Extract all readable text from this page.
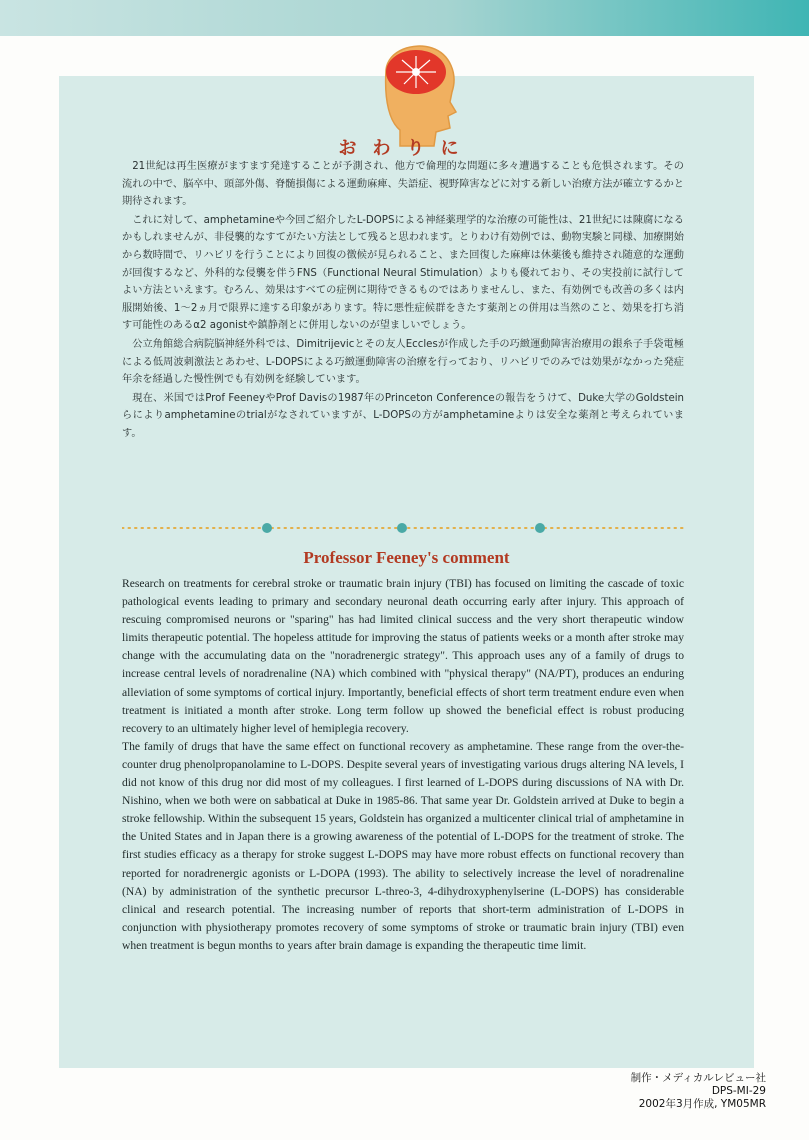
おわりに

21世紀は再生医療がますます発達することが予測され、他方で倫理的な問題に多々遭遇することも危惧されます。その流れの中で、脳卒中、頭部外傷、脊髄損傷による運動麻痺、失語症、視野障害などに対する新しい治療方法が確立するかと期待されます。

これに対して、amphetamineや今回ご紹介したL-DOPSによる神経薬理学的な治療の可能性は、21世紀には陳腐になるかもしれませんが、非侵襲的なすてがたい方法として残ると思われます。とりわけ有効例では、動物実験と同様、加療開始から数時間で、リハビリを行うことにより回復の徴候が見られること、また回復した麻痺は休薬後も維持され随意的な運動が回復するなど、外科的な侵襲を伴うFNS（Functional Neural Stimulation）よりも優れており、その実投前に試行してよい方法といえます。むろん、効果はすべての症例に期待できるものではありませんし、また、有効例でも改善の多くは内服開始後、1～2ヵ月で限界に達する印象があります。特に悪性症候群をきたす薬剤との併用は当然のこと、効果を打ち消す可能性のあるα2 agonistや鎮静剤とに併用しないのが望ましいでしょう。

公立角館総合病院脳神経外科では、Dimitrijevicとその友人Ecclesが作成した手の巧緻運動障害治療用の銀糸子手袋電極による低周波刺激法とあわせ、L-DOPSによる巧緻運動障害の治療を行っており、リハビリでのみでは効果がなかった発症年余を経過した慢性例でも有効例を経験しています。

現在、米国ではProf FeeneyやProf Davisの1987年のPrinceton Conferenceの報告をうけて、Duke大学のGoldsteinらによりamphetamineのtrialがなされていますが、L-DOPSの方がamphetamineよりは安全な薬剤と考えられています。

Professor Feeney's comment

Research on treatments for cerebral stroke or traumatic brain injury (TBI) has focused on limiting the cascade of toxic pathological events leading to primary and secondary neuronal death occurring early after injury. This approach of rescuing compromised neurons or "sparing" has had limited clinical success and the very short therapeutic window limits therapeutic potential. The hopeless attitude for improving the status of patients weeks or a month after stroke may change with the accumulating data on the "noradrenergic strategy". This approach uses any of a family of drugs to increase central levels of noradrenaline (NA) which combined with "physical therapy" (NA/PT), produces an enduring alleviation of some symptoms of cortical injury. Importantly, beneficial effects of short term treatment endure even when treatment is initiated a month after stroke. Long term follow up showed the beneficial effect is robust producing recovery to an ultimately higher level of hemiplegia recovery.

The family of drugs that have the same effect on functional recovery as amphetamine. These range from the over-the-counter drug phenolpropanolamine to L-DOPS. Despite several years of investigating various drugs altering NA levels, I did not know of this drug nor did most of my colleagues. I first learned of L-DOPS during discussions of NA with Dr. Nishino, when we both were on sabbatical at Duke in 1985-86. That same year Dr. Goldstein arrived at Duke to begin a stroke fellowship. Within the subsequent 15 years, Goldstein has organized a multicenter clinical trial of amphetamine in the United States and in Japan there is a growing awareness of the potential of L-DOPS for the treatment of stroke. The first studies efficacy as a therapy for stroke suggest L-DOPS may have more robust effects on functional recovery than reported for noradrenergic agonists or L-DOPA (1993). The ability to selectively increase the level of noradrenaline (NA) by administration of the synthetic precursor L-threo-3, 4-dihydroxyphenylserine (L-DOPS) has considerable clinical and research potential. The increasing number of reports that short-term administration of L-DOPS in conjunction with physiotherapy promotes recovery of some symptoms of stroke or traumatic brain injury (TBI) even when treatment is begun months to years after brain damage is expanding the therapeutic time limit.

制作・メディカルレビュー社
DPS-MI-29
2002年3月作成, YM05MR
